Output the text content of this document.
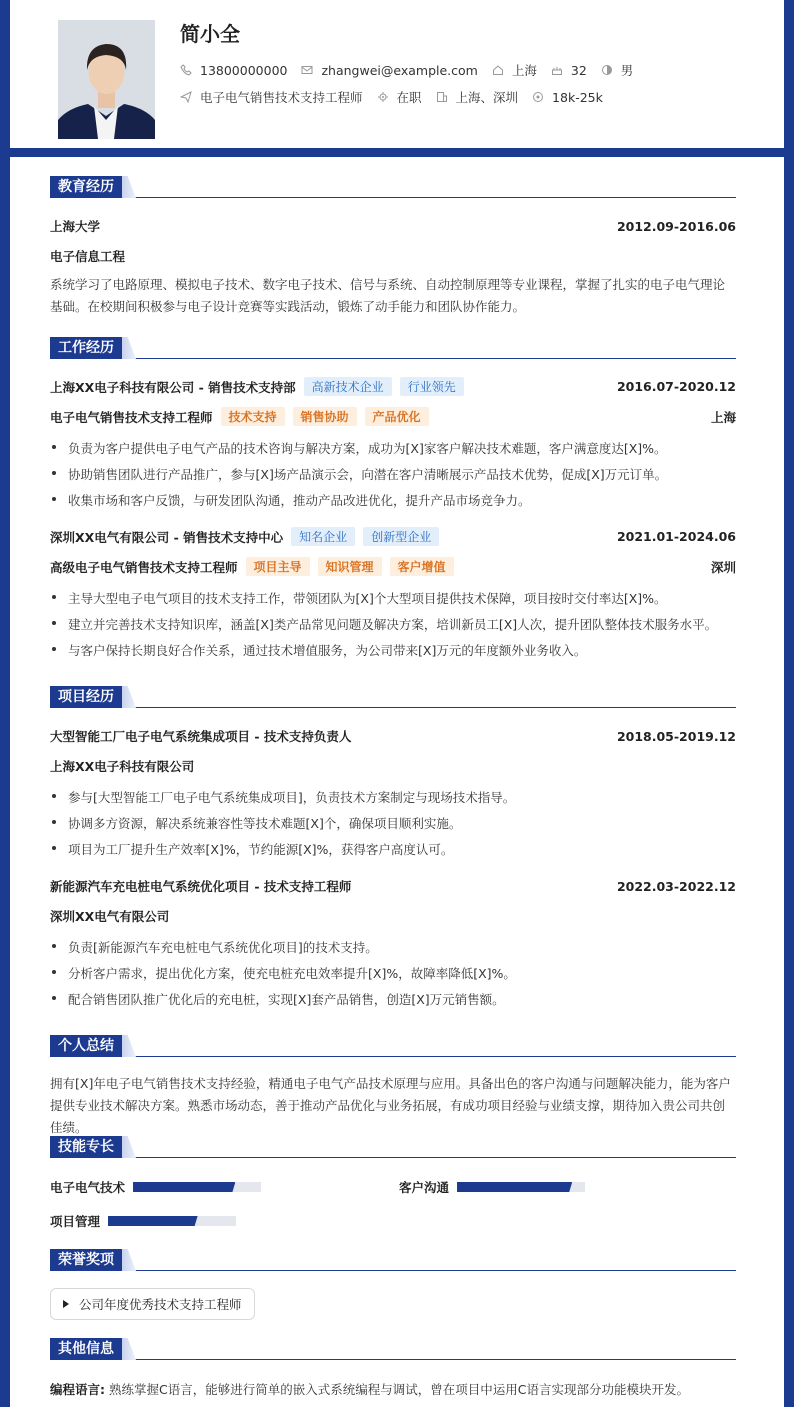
简小全
13800000000	zhangwei@example.com	上海	32	男
电子电气销售技术支持工程师	在职	上海、深圳	18k-25k
教育经历
上海大学	2012.09-2016.06
电子信息工程
系统学习了电路原理、模拟电子技术、数字电子技术、信号与系统、自动控制原理等专业课程，掌握了扎实的电子电气理论基础。在校期间积极参与电子设计竞赛等实践活动，锻炼了动手能力和团队协作能力。
工作经历
上海XX电子科技有限公司 - 销售技术支持部	高新技术企业	行业领先	2016.07-2020.12
电子电气销售技术支持工程师	技术支持	销售协助	产品优化	上海
负责为客户提供电子电气产品的技术咨询与解决方案，成功为[X]家客户解决技术难题，客户满意度达[X]%。
协助销售团队进行产品推广，参与[X]场产品演示会，向潜在客户清晰展示产品技术优势，促成[X]万元订单。
收集市场和客户反馈，与研发团队沟通，推动产品改进优化，提升产品市场竞争力。
深圳XX电气有限公司 - 销售技术支持中心	知名企业	创新型企业	2021.01-2024.06
高级电子电气销售技术支持工程师	项目主导	知识管理	客户增值	深圳
主导大型电子电气项目的技术支持工作，带领团队为[X]个大型项目提供技术保障，项目按时交付率达[X]%。
建立并完善技术支持知识库，涵盖[X]类产品常见问题及解决方案，培训新员工[X]人次，提升团队整体技术服务水平。
与客户保持长期良好合作关系，通过技术增值服务，为公司带来[X]万元的年度额外业务收入。
项目经历
大型智能工厂电子电气系统集成项目 - 技术支持负责人	2018.05-2019.12
上海XX电子科技有限公司
参与[大型智能工厂电子电气系统集成项目]，负责技术方案制定与现场技术指导。
协调多方资源，解决系统兼容性等技术难题[X]个，确保项目顺利实施。
项目为工厂提升生产效率[X]%，节约能源[X]%，获得客户高度认可。
新能源汽车充电桩电气系统优化项目 - 技术支持工程师	2022.03-2022.12
深圳XX电气有限公司
负责[新能源汽车充电桩电气系统优化项目]的技术支持。
分析客户需求，提出优化方案，使充电桩充电效率提升[X]%，故障率降低[X]%。
配合销售团队推广优化后的充电桩，实现[X]套产品销售，创造[X]万元销售额。
个人总结
拥有[X]年电子电气销售技术支持经验，精通电子电气产品技术原理与应用。具备出色的客户沟通与问题解决能力，能为客户提供专业技术解决方案。熟悉市场动态，善于推动产品优化与业务拓展，有成功项目经验与业绩支撑，期待加入贵公司共创佳绩。
技能专长
电子电气技术	客户沟通
项目管理
荣誉奖项
公司年度优秀技术支持工程师
其他信息
编程语言: 熟练掌握C语言，能够进行简单的嵌入式系统编程与调试，曾在项目中运用C语言实现部分功能模块开发。
